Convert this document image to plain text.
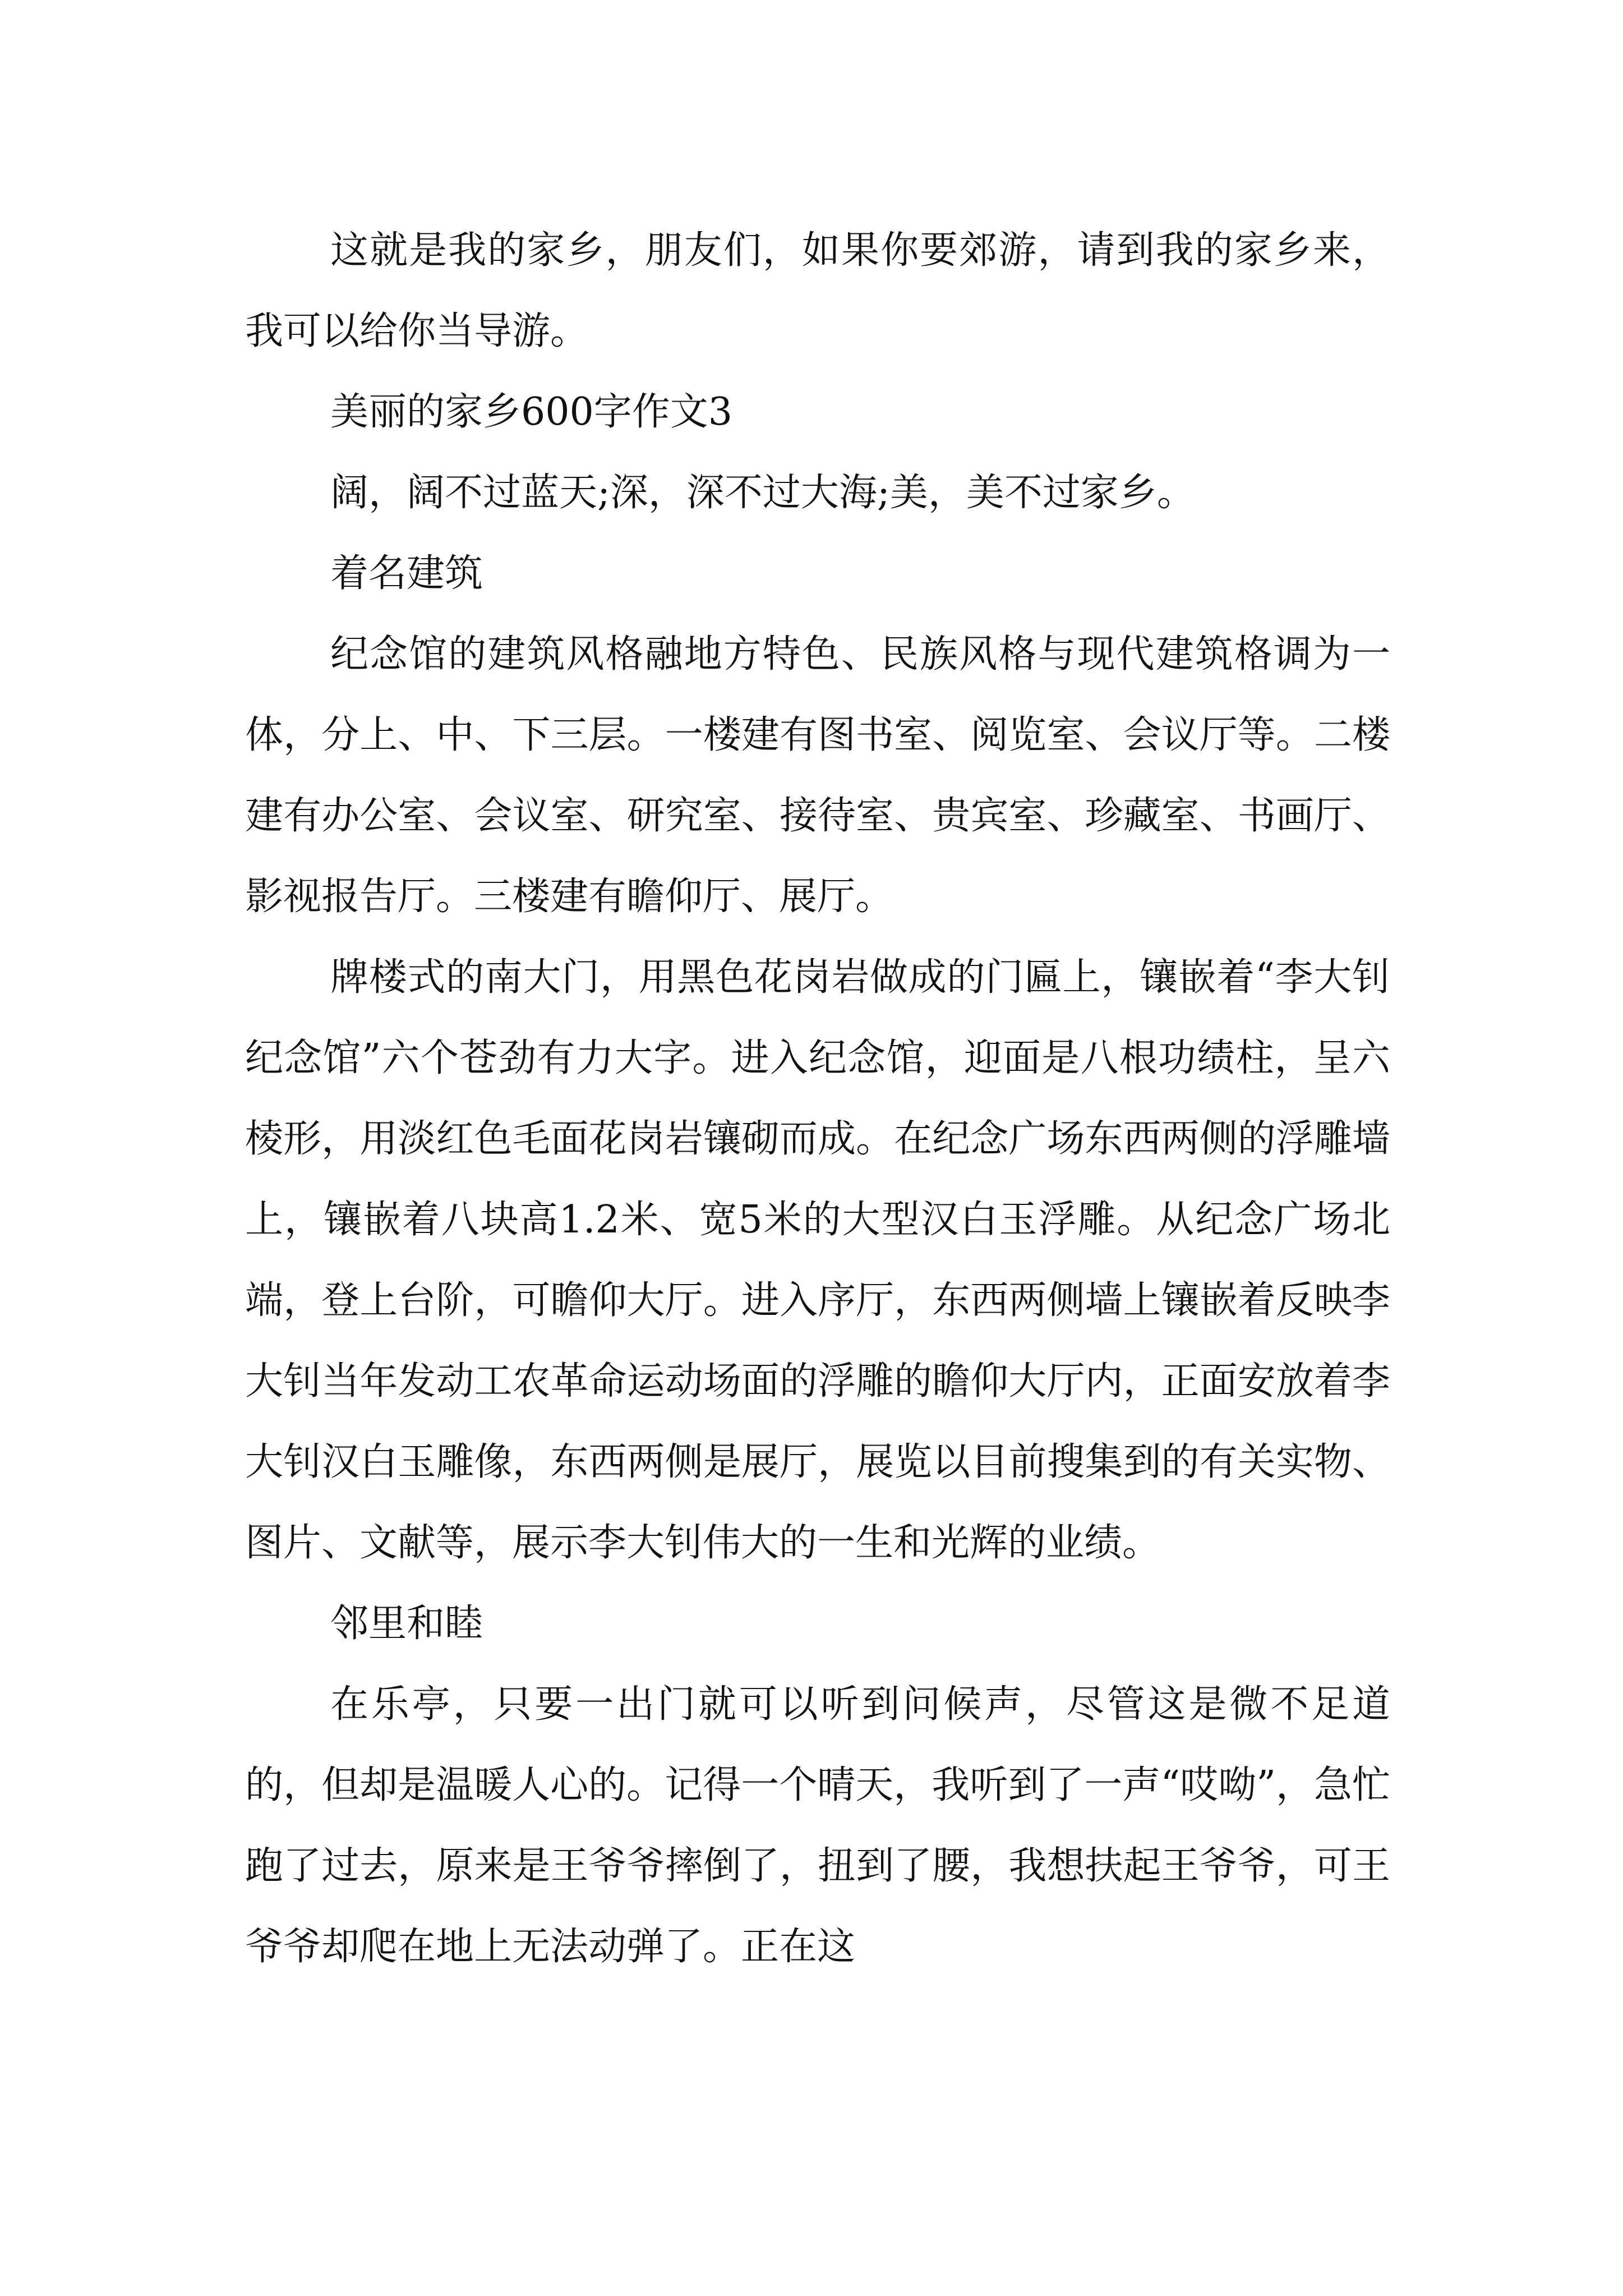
这就是我的家乡，朋友们，如果你要郊游，请到我的家乡来，我可以给你当导游。

美丽的家乡600字作文3

阔，阔不过蓝天;深，深不过大海;美，美不过家乡。

着名建筑

纪念馆的建筑风格融地方特色、民族风格与现代建筑格调为一体，分上、中、下三层。一楼建有图书室、阅览室、会议厅等。二楼建有办公室、会议室、研究室、接待室、贵宾室、珍藏室、书画厅、影视报告厅。三楼建有瞻仰厅、展厅。

牌楼式的南大门，用黑色花岗岩做成的门匾上，镶嵌着“李大钊纪念馆”六个苍劲有力大字。进入纪念馆，迎面是八根功绩柱，呈六棱形，用淡红色毛面花岗岩镶砌而成。在纪念广场东西两侧的浮雕墙上，镶嵌着八块高1.2米、宽5米的大型汉白玉浮雕。从纪念广场北端，登上台阶，可瞻仰大厅。进入序厅，东西两侧墙上镶嵌着反映李大钊当年发动工农革命运动场面的浮雕的瞻仰大厅内，正面安放着李大钊汉白玉雕像，东西两侧是展厅，展览以目前搜集到的有关实物、图片、文献等，展示李大钊伟大的一生和光辉的业绩。

邻里和睦

在乐亭，只要一出门就可以听到问候声，尽管这是微不足道的，但却是温暖人心的。记得一个晴天，我听到了一声“哎呦”，急忙跑了过去，原来是王爷爷摔倒了，扭到了腰，我想扶起王爷爷，可王爷爷却爬在地上无法动弹了。正在这
